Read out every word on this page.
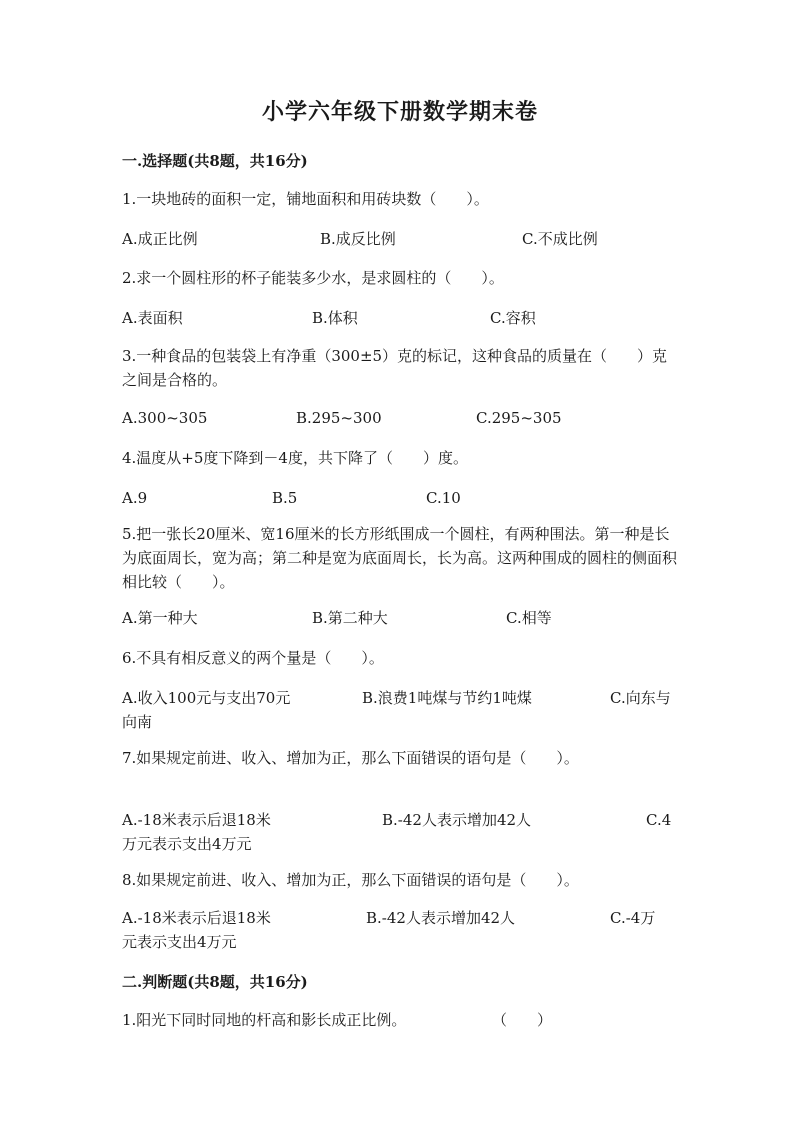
小学六年级下册数学期末卷
一.选择题(共8题，共16分)
1.一块地砖的面积一定，铺地面积和用砖块数（　　）。
A.成正比例	B.成反比例	C.不成比例
2.求一个圆柱形的杯子能装多少水，是求圆柱的（　　）。
A.表面积	B.体积	C.容积
3.一种食品的包装袋上有净重（300±5）克的标记，这种食品的质量在（　　）克之间是合格的。
A.300~305	B.295~300	C.295~305
4.温度从+5度下降到－4度，共下降了（　　）度。
A.9	B.5	C.10
5.把一张长20厘米、宽16厘米的长方形纸围成一个圆柱，有两种围法。第一种是长为底面周长，宽为高；第二种是宽为底面周长，长为高。这两种围成的圆柱的侧面积相比较（　　）。
A.第一种大	B.第二种大	C.相等
6.不具有相反意义的两个量是（　　）。
A.收入100元与支出70元	B.浪费1吨煤与节约1吨煤	C.向东与
向南
7.如果规定前进、收入、增加为正，那么下面错误的语句是（　　）。
A.-18米表示后退18米	B.-42人表示增加42人	C.4
万元表示支出4万元
8.如果规定前进、收入、增加为正，那么下面错误的语句是（　　）。
A.-18米表示后退18米	B.-42人表示增加42人	C.-4万
元表示支出4万元
二.判断题(共8题，共16分)
1.阳光下同时同地的杆高和影长成正比例。	（　　）
